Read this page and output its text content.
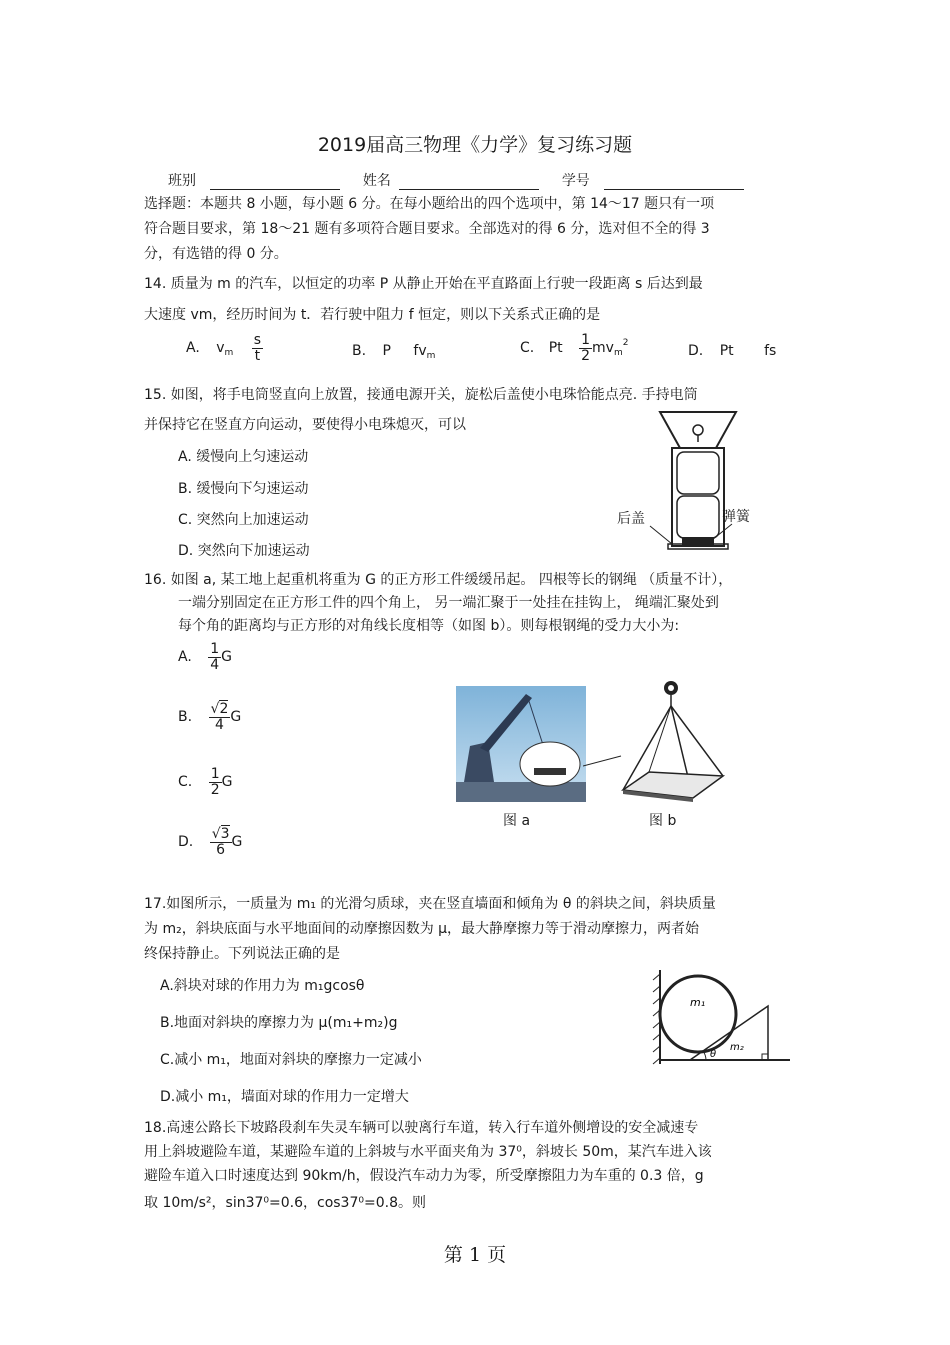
2019届高三物理《力学》复习练习题
班别	姓名	学号
选择题：本题共 8 小题，每小题 6 分。在每小题给出的四个选项中，第 14～17 题只有一项
符合题目要求，第 18～21 题有多项符合题目要求。全部选对的得 6 分，选对但不全的得 3
分，有选错的得 0 分。
14. 质量为 m 的汽车，以恒定的功率 P 从静止开始在平直路面上行驶一段距离 s 后达到最
大速度 vm，经历时间为 t．若行驶中阻力 f 恒定，则以下关系式正确的是
A. $v_m \frac{s}{t}$	B. P $fv_m$	C. Pt $\frac{1}{2} mv_m^2$	D. Pt fs
15. 如图，将手电筒竖直向上放置，接通电源开关，旋松后盖使小电珠恰能点亮. 手持电筒
并保持它在竖直方向运动，要使得小电珠熄灭，可以
A. 缓慢向上匀速运动
B. 缓慢向下匀速运动
C. 突然向上加速运动
D. 突然向下加速运动
后盖	弹簧
16. 如图 a, 某工地上起重机将重为 G 的正方形工件缓缓吊起。 四根等长的钢绳 （质量不计），
一端分别固定在正方形工件的四个角上， 另一端汇聚于一处挂在挂钩上， 绳端汇聚处到
每个角的距离均与正方形的对角线长度相等（如图 b）。则每根钢绳的受力大小为:
A. $\frac{1}{4}$ G
B. $\frac{√2}{4}$ G
C. $\frac{1}{2}$ G
D. $\frac{√3}{6}$ G
图 a	图 b
17.如图所示，一质量为 m₁ 的光滑匀质球，夹在竖直墙面和倾角为 θ 的斜块之间，斜块质量
为 m₂，斜块底面与水平地面间的动摩擦因数为 μ，最大静摩擦力等于滑动摩擦力，两者始
终保持静止。下列说法正确的是
A.斜块对球的作用力为 m₁gcosθ
B.地面对斜块的摩擦力为 μ(m₁+m₂)g
C.减小 m₁，地面对斜块的摩擦力一定减小
D.减小 m₁，墙面对球的作用力一定增大
m₁
m₂
θ
18.高速公路长下坡路段刹车失灵车辆可以驶离行车道，转入行车道外侧增设的安全减速专
用上斜坡避险车道，某避险车道的上斜坡与水平面夹角为 37⁰，斜坡长 50m，某汽车进入该
避险车道入口时速度达到 90km/h，假设汽车动力为零，所受摩擦阻力为车重的 0.3 倍，g
取 10m/s²，sin37⁰=0.6，cos37⁰=0.8。则
第 1 页
